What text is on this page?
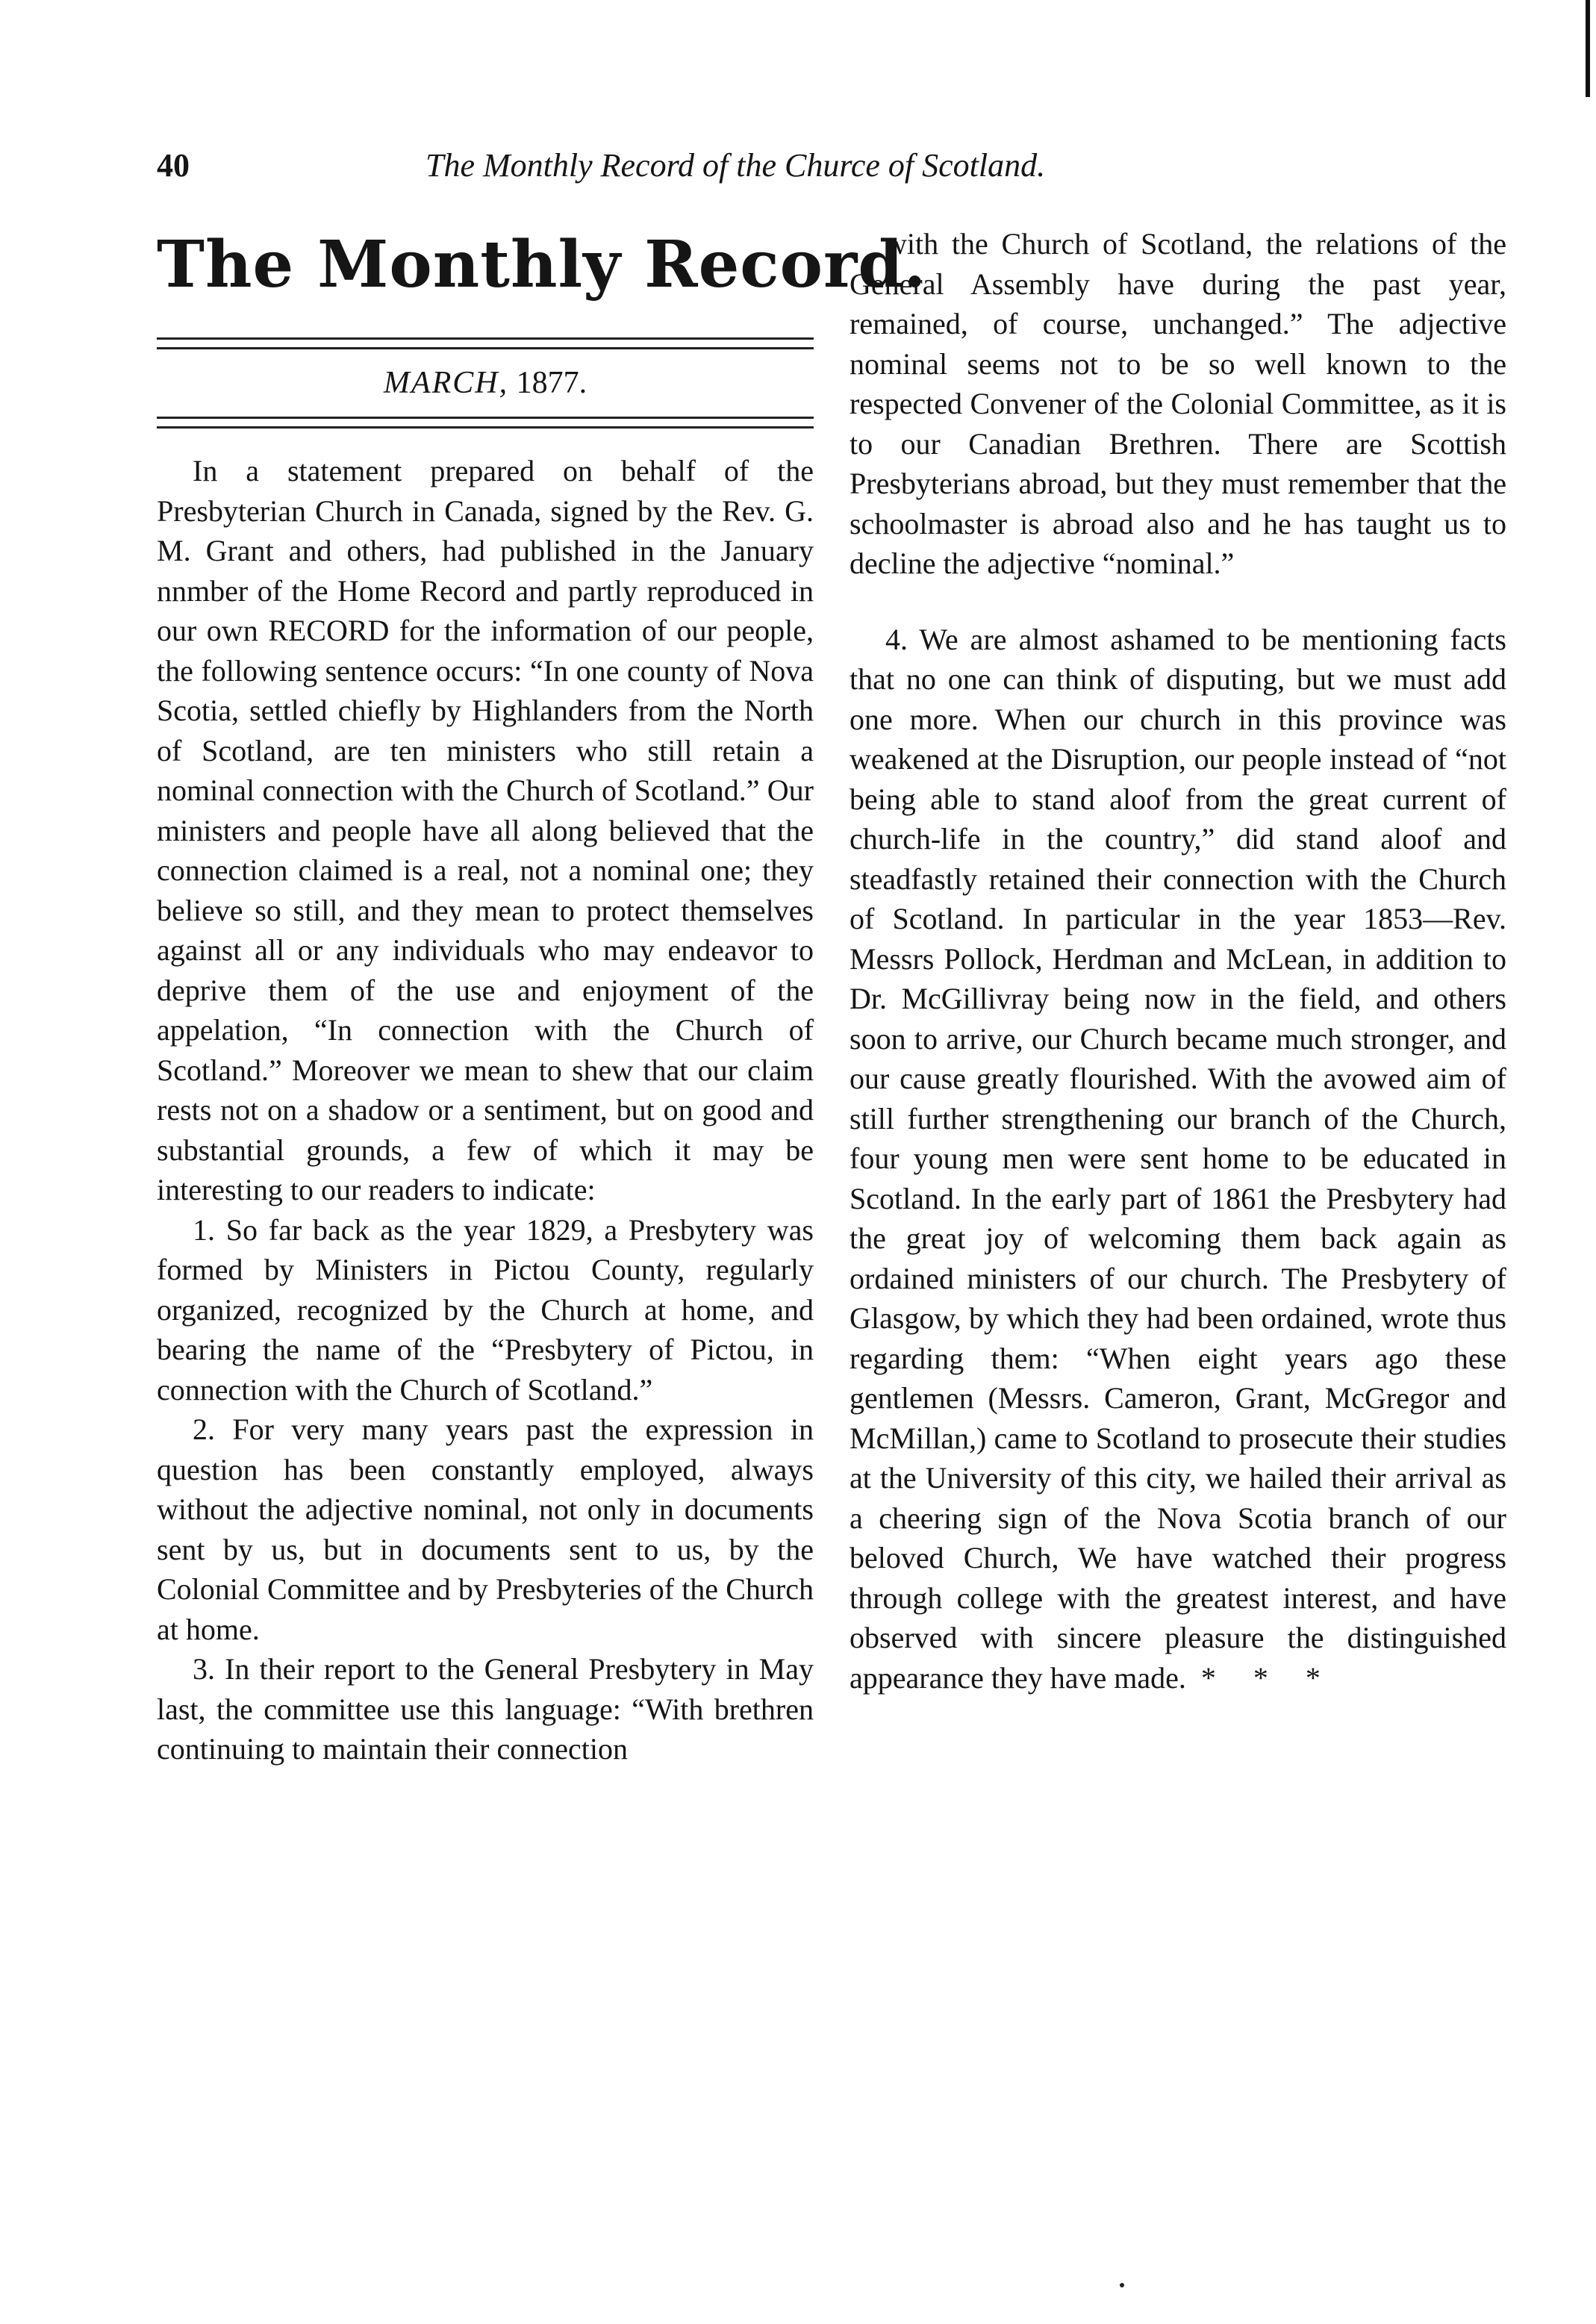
40	The Monthly Record of the Churce of Scotland.
The Monthly Record.
MARCH, 1877.

In a statement prepared on behalf of the Presbyterian Church in Canada, signed by the Rev. G. M. Grant and others, had published in the January nnmber of the Home Record and partly reproduced in our own RECORD for the information of our people, the following sentence occurs: “In one county of Nova Scotia, settled chiefly by Highlanders from the North of Scotland, are ten ministers who still retain a nominal connection with the Church of Scotland.” Our ministers and people have all along believed that the connection claimed is a real, not a nominal one; they believe so still, and they mean to protect themselves against all or any individuals who may endeavor to deprive them of the use and enjoyment of the appelation, “In connection with the Church of Scotland.” Moreover we mean to shew that our claim rests not on a shadow or a sentiment, but on good and substantial grounds, a few of which it may be interesting to our readers to indicate:

1. So far back as the year 1829, a Presbytery was formed by Ministers in Pictou County, regularly organized, recognized by the Church at home, and bearing the name of the “Presbytery of Pictou, in connection with the Church of Scotland.”

2. For very many years past the expression in question has been constantly employed, always without the adjective nominal, not only in documents sent by us, but in documents sent to us, by the Colonial Committee and by Presbyteries of the Church at home.

3. In their report to the General Presbytery in May last, the committee use this language: “With brethren continuing to maintain their connection

with the Church of Scotland, the relations of the General Assembly have during the past year, remained, of course, unchanged.” The adjective nominal seems not to be so well known to the respected Convener of the Colonial Committee, as it is to our Canadian Brethren. There are Scottish Presbyterians abroad, but they must remember that the schoolmaster is abroad also and he has taught us to decline the adjective “nominal.”

4. We are almost ashamed to be mentioning facts that no one can think of disputing, but we must add one more. When our church in this province was weakened at the Disruption, our people instead of “not being able to stand aloof from the great current of church-life in the country,” did stand aloof and steadfastly retained their connection with the Church of Scotland. In particular in the year 1853—Rev. Messrs Pollock, Herdman and McLean, in addition to Dr. McGillivray being now in the field, and others soon to arrive, our Church became much stronger, and our cause greatly flourished. With the avowed aim of still further strengthening our branch of the Church, four young men were sent home to be educated in Scotland. In the early part of 1861 the Presbytery had the great joy of welcoming them back again as ordained ministers of our church. The Presbytery of Glasgow, by which they had been ordained, wrote thus regarding them: “When eight years ago these gentlemen (Messrs. Cameron, Grant, McGregor and McMillan,) came to Scotland to prosecute their studies at the University of this city, we hailed their arrival as a cheering sign of the Nova Scotia branch of our beloved Church, We have watched their progress through college with the greatest interest, and have observed with sincere pleasure the distinguished appearance they have made. * * *
